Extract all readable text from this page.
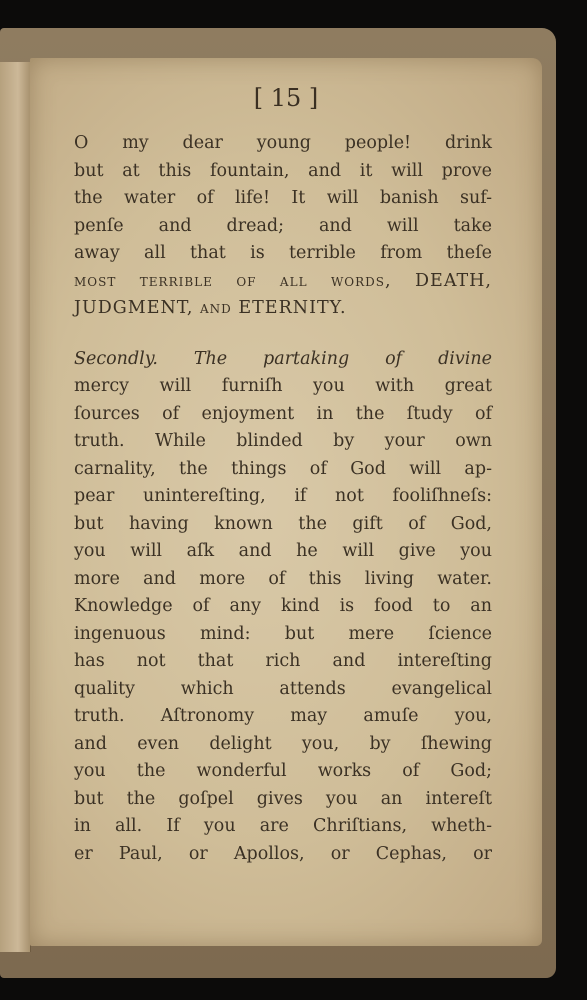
[ 15 ]
O my dear young people! drink
but at this fountain, and it will prove
the water of life! It will banish suf-
penſe and dread; and will take
away all that is terrible from theſe
moſt terrible of all words, DEATH,
JUDGMENT, and ETERNITY.
Secondly. The partaking of divine
mercy will furniſh you with great
ſources of enjoyment in the ſtudy of
truth. While blinded by your own
carnality, the things of God will ap-
pear unintereſting, if not fooliſhneſs:
but having known the gift of God,
you will aſk and he will give you
more and more of this living water.
Knowledge of any kind is food to an
ingenuous mind: but mere ſcience
has not that rich and intereſting
quality which attends evangelical
truth. Aſtronomy may amuſe you,
and even delight you, by ſhewing
you the wonderful works of God;
but the goſpel gives you an intereſt
in all. If you are Chriſtians, wheth-
er Paul, or Apollos, or Cephas, or
